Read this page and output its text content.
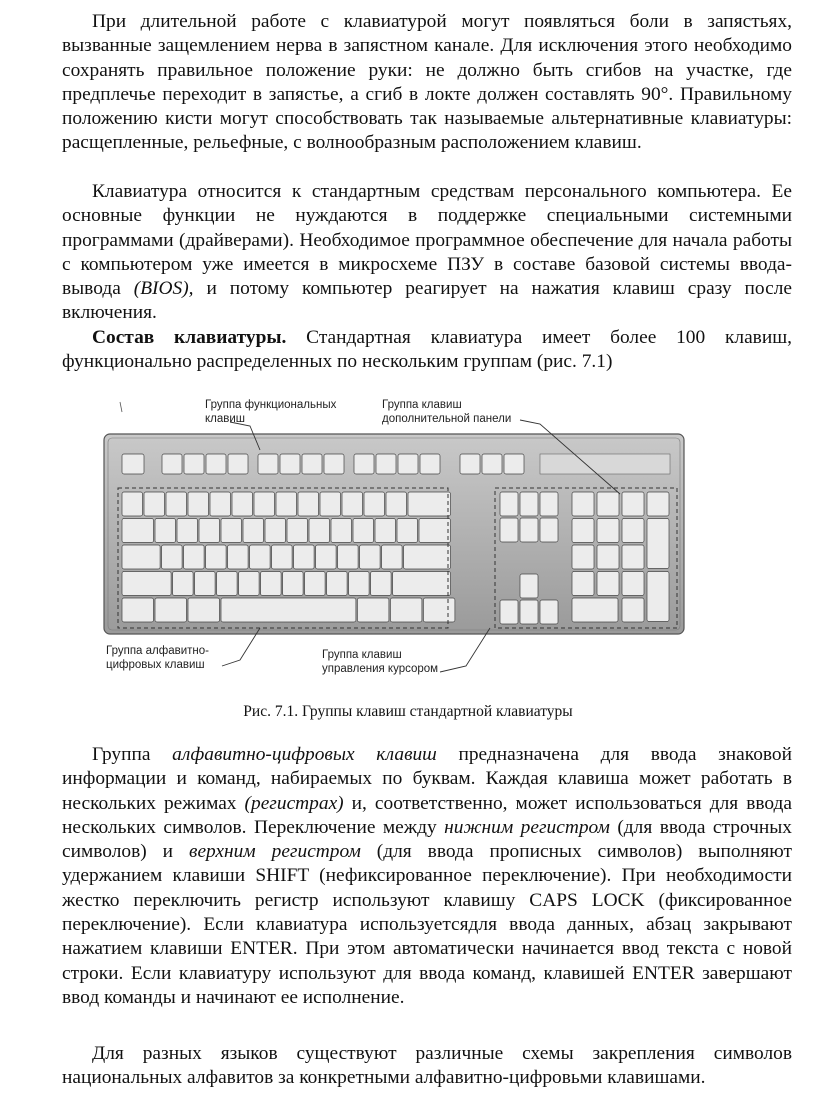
При длительной работе с клавиатурой могут появляться боли в запястьях, вызванные защемлением нерва в запястном канале. Для исключения этого необходимо сохранять правильное положение руки: не должно быть сгибов на участке, где предплечье переходит в запястье, а сгиб в локте должен составлять 90°. Правильному положению кисти могут способствовать так называемые альтернативные клавиатуры: расщепленные, рельефные, с волнообразным расположением клавиш.

Клавиатура относится к стандартным средствам персонального компьютера. Ее основные функции не нуждаются в поддержке специальными системными программами (драйверами). Необходимое программное обеспечение для начала работы с компьютером уже имеется в микросхеме ПЗУ в составе базовой системы ввода-вывода (BIOS), и потому компьютер реагирует на нажатия клавиш сразу после включения.

Состав клавиатуры. Стандартная клавиатура имеет более 100 клавиш, функционально распределенных по нескольким группам (рис. 7.1)

Группа функциональных
клавиш
Группа клавиш
дополнительной панели
Группа алфавитно-
цифровых клавиш
Группа клавиш
управления курсором
Рис. 7.1. Группы клавиш стандартной клавиатуры

Группа алфавитно-цифровых клавиш предназначена для ввода знаковой информации и команд, набираемых по буквам. Каждая клавиша может работать в нескольких режимах (регистрах) и, соответственно, может использоваться для ввода нескольких символов. Переключение между нижним регистром (для ввода строчных символов) и верхним регистром (для ввода прописных символов) выполняют удержанием клавиши SHIFT (нефиксированное переключение). При необходимости жестко переключить регистр используют клавишу CAPS LOCK (фиксированное переключение). Если клавиатура используетсядля ввода данных, абзац закрывают нажатием клавиши ENTER. При этом автоматически начинается ввод текста с новой строки. Если клавиатуру используют для ввода команд, клавишей ENTER завершают ввод команды и начинают ее исполнение.

Для разных языков существуют различные схемы закрепления символов национальных алфавитов за конкретными алфавитно-цифровьми клавишами.
